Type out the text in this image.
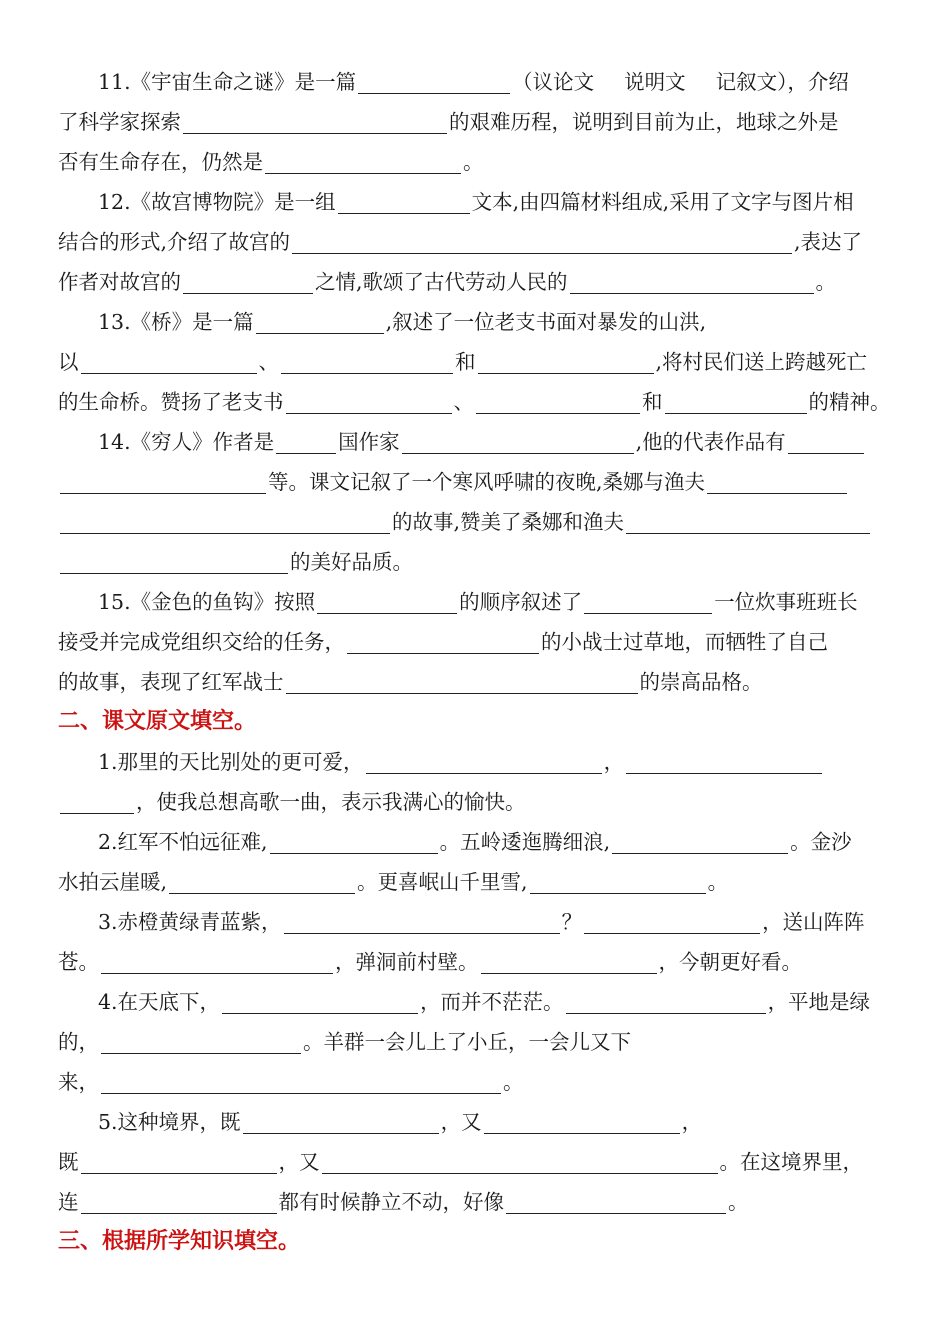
11.《宇宙生命之谜》是一篇	（议论文 说明文 记叙文），介绍
了科学家探索	的艰难历程，说明到目前为止，地球之外是
否有生命存在，仍然是	。
12.《故宫博物院》是一组	文本,由四篇材料组成,采用了文字与图片相
结合的形式,介绍了故宫的	,表达了
作者对故宫的	之情,歌颂了古代劳动人民的	。
13.《桥》是一篇	,叙述了一位老支书面对暴发的山洪,
以	、	和	,将村民们送上跨越死亡
的生命桥。赞扬了老支书	、	和	的精神。
14.《穷人》作者是	国作家	,他的代表作品有
等。课文记叙了一个寒风呼啸的夜晚,桑娜与渔夫
的故事,赞美了桑娜和渔夫
的美好品质。
15.《金色的鱼钩》按照	的顺序叙述了	一位炊事班班长
接受并完成党组织交给的任务，	的小战士过草地，而牺牲了自己
的故事，表现了红军战士	的崇高品格。
二、课文原文填空。
1.那里的天比别处的更可爱，	，
，使我总想高歌一曲，表示我满心的愉快。
2.红军不怕远征难,	。五岭逶迤腾细浪,	。金沙
水拍云崖暖,	。更喜岷山千里雪,	。
3.赤橙黄绿青蓝紫，	？	，送山阵阵
苍。	，弹洞前村壁。	，今朝更好看。
4.在天底下，	，而并不茫茫。	，平地是绿
的，	。羊群一会儿上了小丘，一会儿又下
来，	。
5.这种境界，既	，又	，
既	，又	。在这境界里，
连	都有时候静立不动，好像	。
三、根据所学知识填空。
